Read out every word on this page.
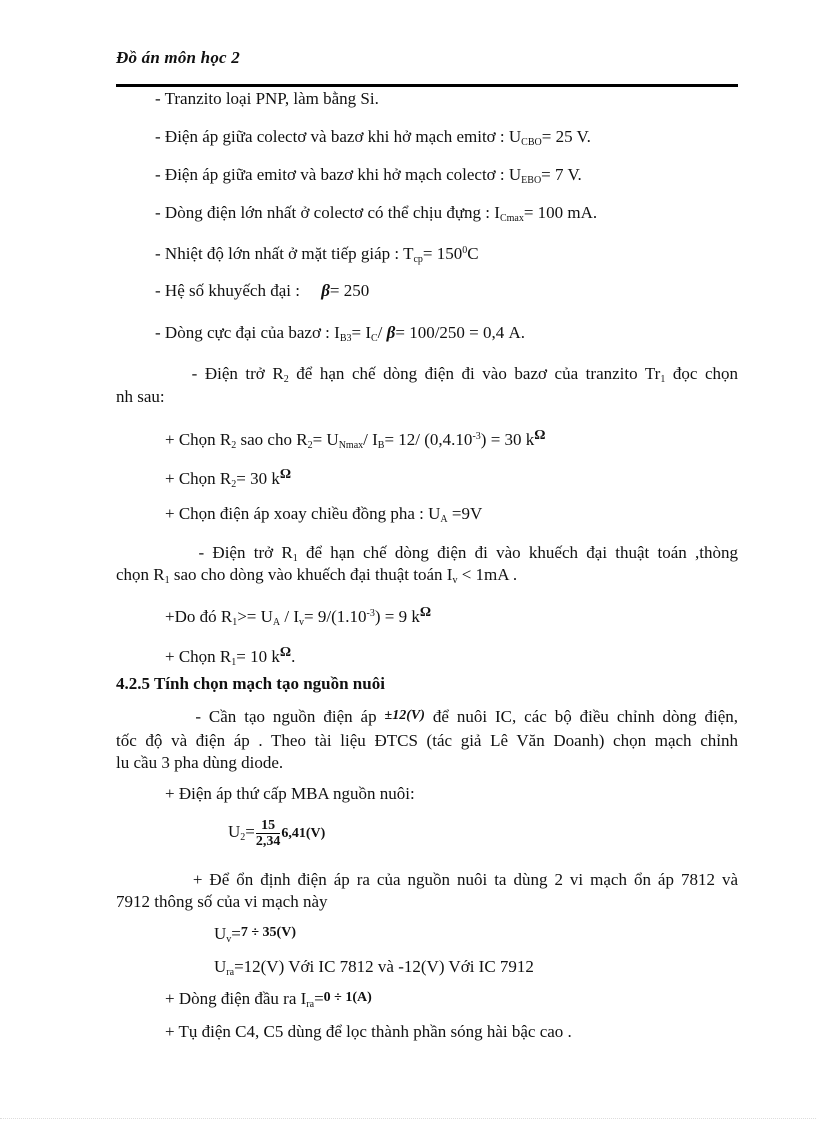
Đồ án môn học 2
- Tranzito loại PNP, làm bằng Si.
- Điện áp giữa colectơ và bazơ khi hở mạch emitơ : $U_{CBO}= 25$ V.
- Điện áp giữa emitơ và bazơ khi hở mạch colectơ : $U_{EBO}= 7$ V.
- Dòng điện lớn nhất ở colectơ có thể chịu đựng : $I_{Cmax}= 100$ mA.
- Nhiệt độ lớn nhất ở mặt tiếp giáp : $T_{cp}= 150^0C$
- Hệ số khuyếch đại : β= 250
- Dòng cực đại của bazơ : $I_{B3}= I_C/$ β= 100/250 = 0,4 A.
- Điện trở $R_2$ để hạn chế dòng điện đi vào bazơ của tranzito $Tr_1$ đọc chọn
nh sau:
+ Chọn $R_2$ sao cho $R_2= U_{Nmax}/$ $I_B= 12/$ $(0,4.10^{-3}) = 30$ $k^\Omega$
+ Chọn $R_2= 30$ $k^\Omega$
+ Chọn điện áp xoay chiều đồng pha : $U_A =9V$
- Điện trở $R_1$ để hạn chế dòng điện đi vào khuếch đại thuật toán ,thòng
chọn $R_1$ sao cho dòng vào khuếch đại thuật toán $I_v < 1mA$ .
+Do đó $R_1>= U_A / I_v= 9/(1.10^{-3}) = 9$ $k^\Omega$
+ Chọn $R_1= 10$ $k^\Omega$.
4.2.5 Tính chọn mạch tạo nguồn nuôi
- Cần tạo nguồn điện áp ±12(V) để nuôi IC, các bộ điều chỉnh dòng điện,
tốc độ và điện áp . Theo tài liệu ĐTCS (tác giả Lê Văn Doanh) chọn mạch chỉnh
lu cầu 3 pha dùng diode.
+ Điện áp thứ cấp MBA nguồn nuôi:
$U_2= \frac{15}{2,34} 6,41(V)$
+ Để ổn định điện áp ra của nguồn nuôi ta dùng 2 vi mạch ổn áp 7812 và
7912 thông số của vi mạch này
$U_v=7 \div 35(V)$
$U_{ra}=12(V)$ Với IC 7812 và -12(V) Với IC 7912
+ Dòng điện đầu ra $I_{ra}=0 \div 1(A)$
+ Tụ điện C4, C5 dùng để lọc thành phần sóng hài bậc cao .
